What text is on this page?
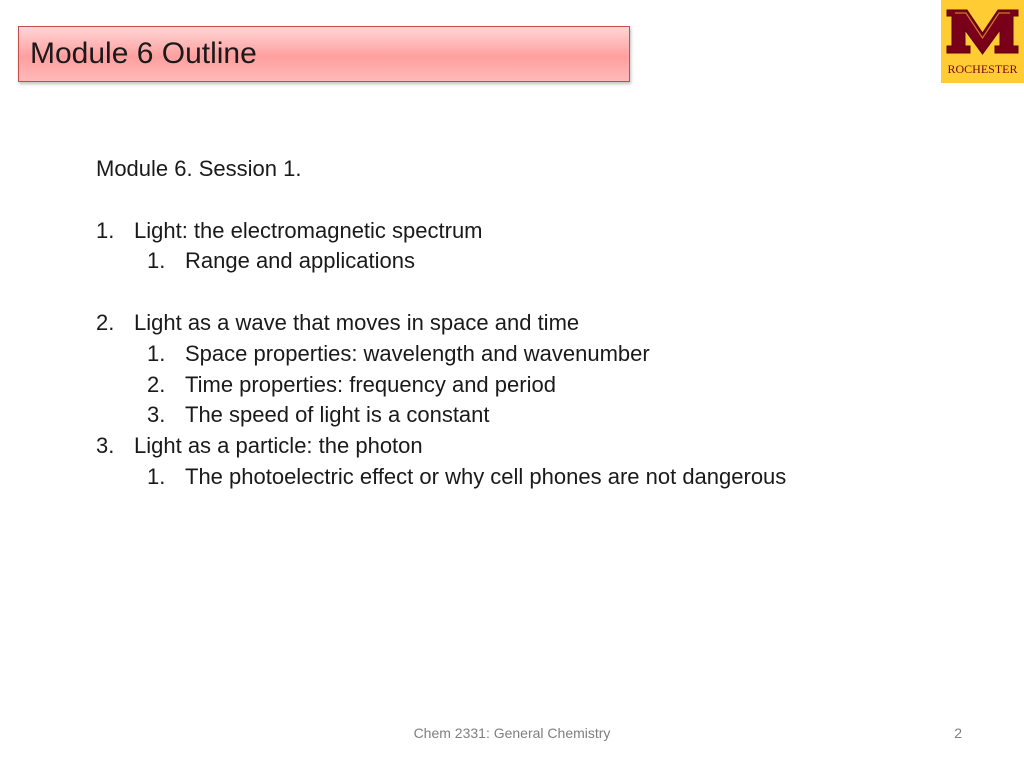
Module 6 Outline	ROCHESTER
Module 6. Session 1.
1. Light: the electromagnetic spectrum
1. Range and applications
2. Light as a wave that moves in space and time
1. Space properties: wavelength and wavenumber
2. Time properties: frequency and period
3. The speed of light is a constant
3. Light as a particle: the photon
1. The photoelectric effect or why cell phones are not dangerous
Chem 2331: General Chemistry	2
